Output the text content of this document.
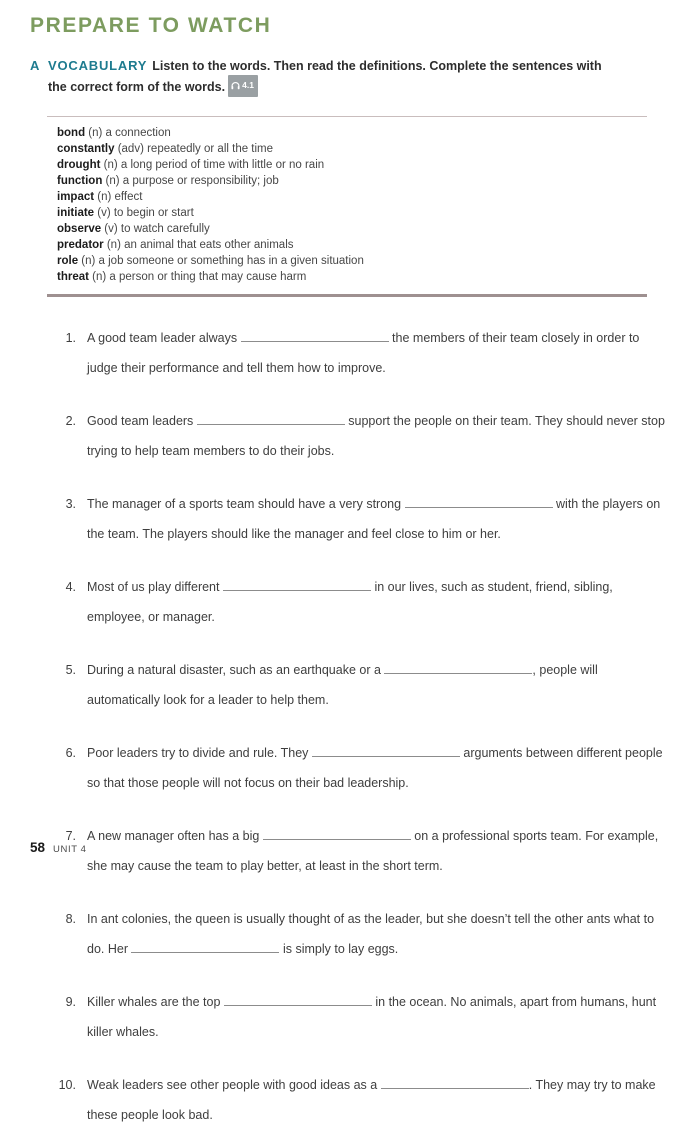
PREPARE TO WATCH
A VOCABULARY Listen to the words. Then read the definitions. Complete the sentences with the correct form of the words. 4.1
bond (n) a connection
constantly (adv) repeatedly or all the time
drought (n) a long period of time with little or no rain
function (n) a purpose or responsibility; job
impact (n) effect
initiate (v) to begin or start
observe (v) to watch carefully
predator (n) an animal that eats other animals
role (n) a job someone or something has in a given situation
threat (n) a person or thing that may cause harm
1. A good team leader always	the members of their team closely in order to judge their performance and tell them how to improve.

2. Good team leaders	support the people on their team. They should never stop trying to help team members to do their jobs.

3. The manager of a sports team should have a very strong	with the players on the team. The players should like the manager and feel close to him or her.

4. Most of us play different	in our lives, such as student, friend, sibling, employee, or manager.

5. During a natural disaster, such as an earthquake or a	, people will automatically look for a leader to help them.

6. Poor leaders try to divide and rule. They	arguments between different people so that those people will not focus on their bad leadership.

7. A new manager often has a big	on a professional sports team. For example, she may cause the team to play better, at least in the short term.

8. In ant colonies, the queen is usually thought of as the leader, but she doesn’t tell the other ants what to do. Her	is simply to lay eggs.

9. Killer whales are the top	in the ocean. No animals, apart from humans, hunt killer whales.

10. Weak leaders see other people with good ideas as a	. They may try to make these people look bad.

58 UNIT 4
